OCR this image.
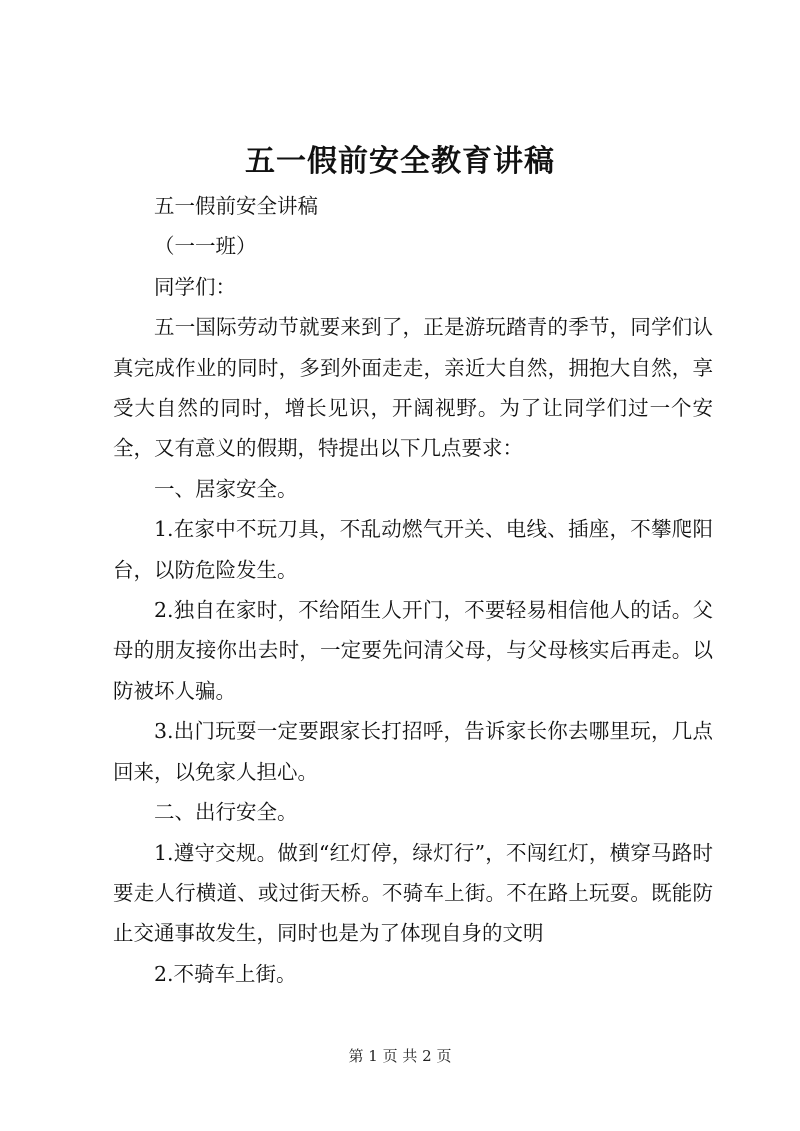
五一假前安全教育讲稿

五一假前安全讲稿

（一一班）

同学们：

五一国际劳动节就要来到了，正是游玩踏青的季节，同学们认真完成作业的同时，多到外面走走，亲近大自然，拥抱大自然，享受大自然的同时，增长见识，开阔视野。为了让同学们过一个安全，又有意义的假期，特提出以下几点要求：

一、居家安全。

1.在家中不玩刀具，不乱动燃气开关、电线、插座，不攀爬阳台，以防危险发生。

2.独自在家时，不给陌生人开门，不要轻易相信他人的话。父母的朋友接你出去时，一定要先问清父母，与父母核实后再走。以防被坏人骗。

3.出门玩耍一定要跟家长打招呼，告诉家长你去哪里玩，几点回来，以免家人担心。

二、出行安全。

1.遵守交规。做到“红灯停，绿灯行”，不闯红灯，横穿马路时要走人行横道、或过街天桥。不骑车上街。不在路上玩耍。既能防止交通事故发生，同时也是为了体现自身的文明

2.不骑车上街。

第 1 页 共 2 页
